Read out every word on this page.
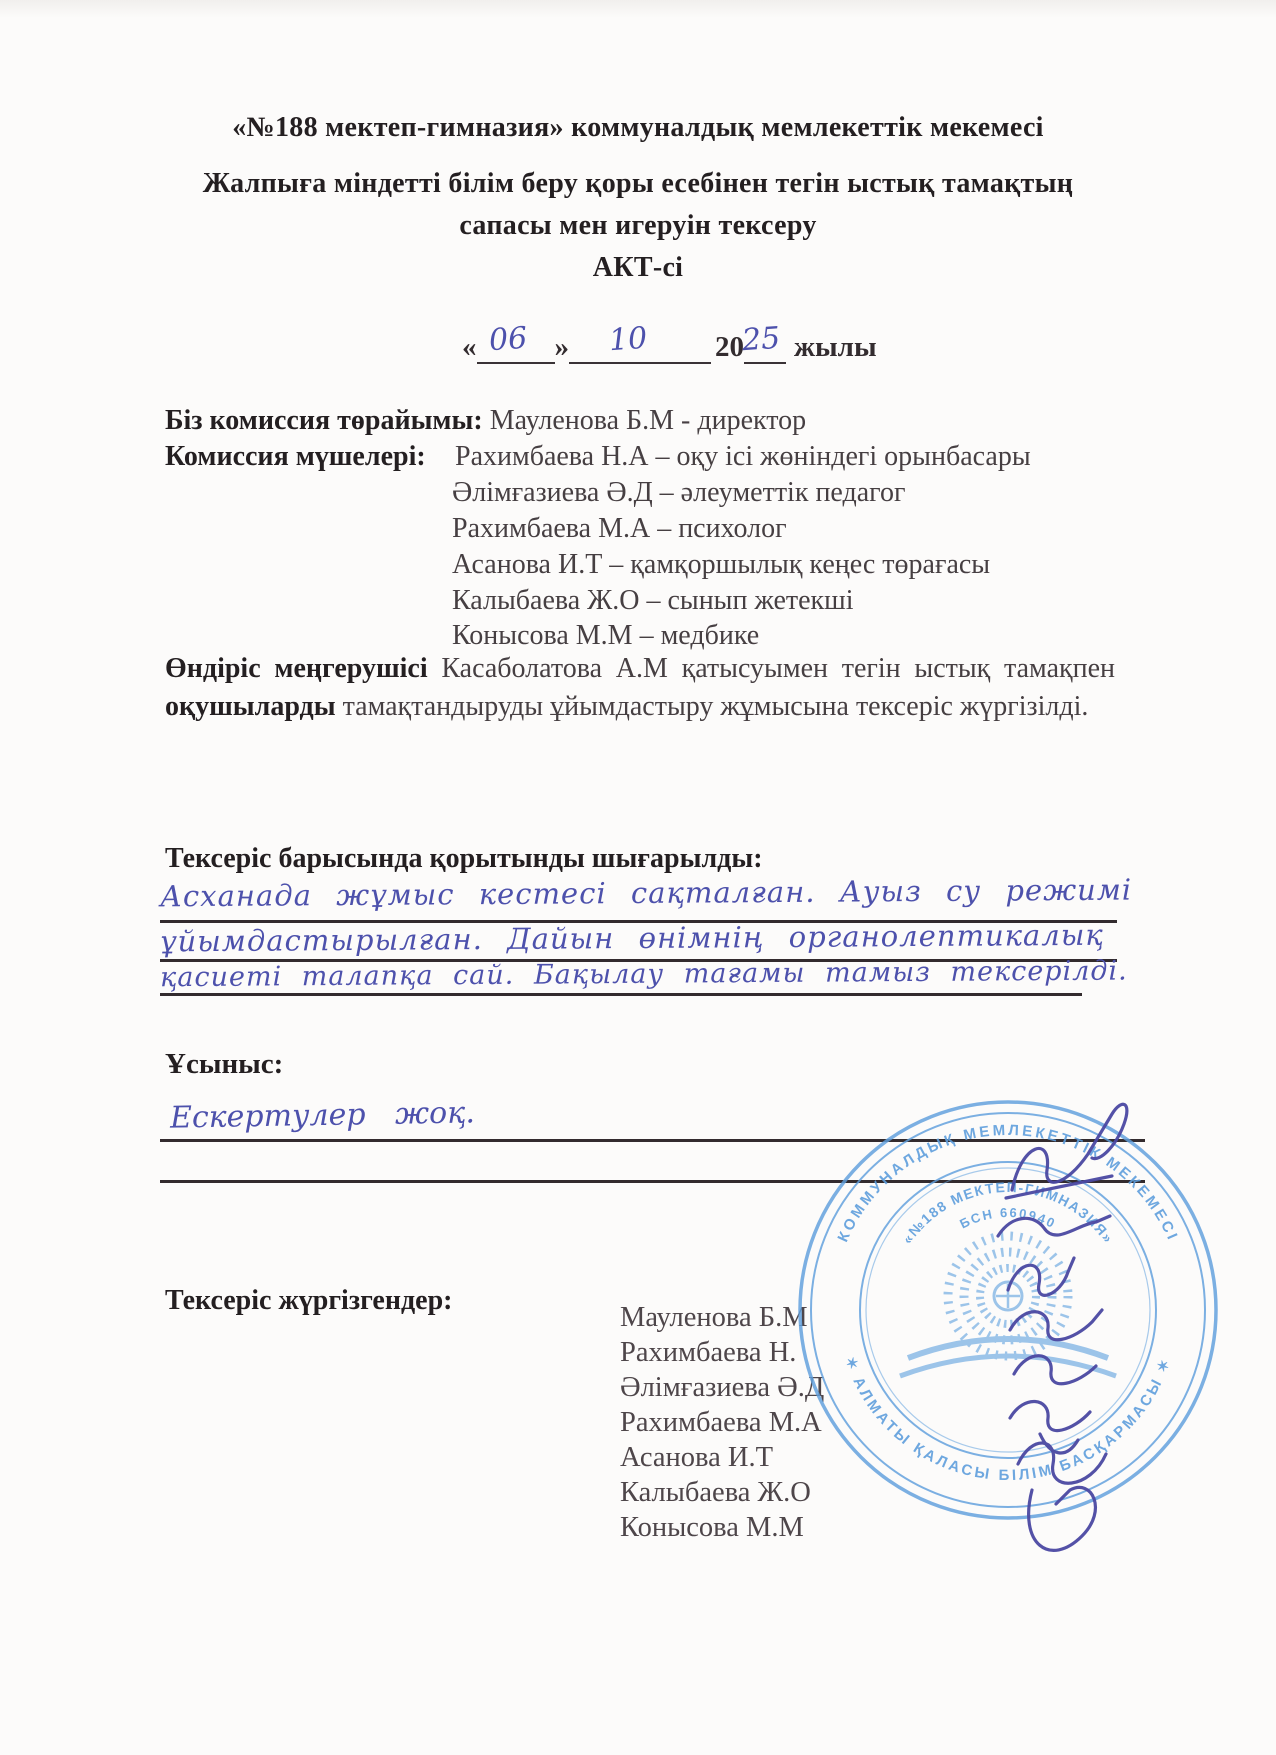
«№188 мектеп-гимназия» коммуналдық мемлекеттік мекемесі
Жалпыға міндетті білім беру қоры есебінен тегін ыстық тамақтың
сапасы мен игеруін тексеру
АКТ-сі
« 06 » 10 20
25 жылы
Біз комиссия төрайымы: Мауленова Б.М - директор
Комиссия мүшелері: Рахимбаева Н.А – оқу ісі жөніндегі орынбасары
Әлімғазиева Ә.Д – әлеуметтік педагог
Рахимбаева М.А – психолог
Асанова И.Т – қамқоршылық кеңес төрағасы
Калыбаева Ж.О – сынып жетекші
Конысова М.М – медбике
Өндіріс меңгерушісі Касаболатова А.М қатысуымен тегін ыстық тамақпен оқушыларды тамақтандыруды ұйымдастыру жұмысына тексеріс жүргізілді.
Тексеріс барысында қорытынды шығарылды:
Асханада жұмыс кестесі сақталған. Ауыз су режимі
ұйымдастырылған. Дайын өнімнің органолептикалық
қасиеті талапқа сай. Бақылау тағамы тамыз тексерілді.
Ұсыныс:
Ескертулер жоқ.
Тексеріс жүргізгендер:
Мауленова Б.М
Рахимбаева Н.
Әлімғазиева Ә.Д
Рахимбаева М.А
Асанова И.Т
Калыбаева Ж.О
Конысова М.М
КОММУНАЛДЫҚ МЕМЛЕКЕТТІК МЕКЕМЕСІ
✶ АЛМАТЫ ҚАЛАСЫ БІЛІМ БАСҚАРМАСЫ ✶
«№188 МЕКТЕП-ГИМНАЗИЯ»
БСН 660940
